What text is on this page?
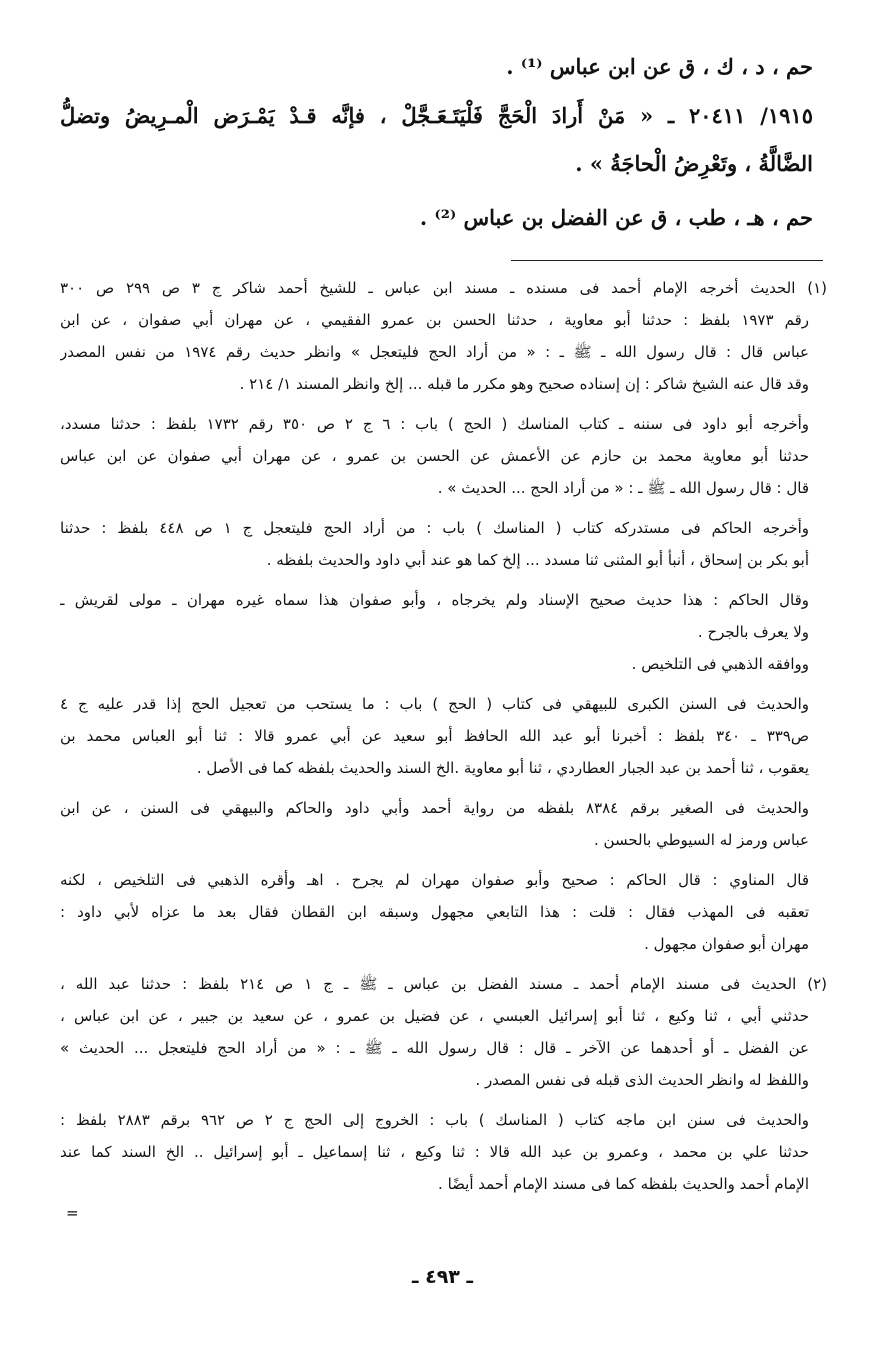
حم ، د ، ك ، ق عن ابن عباس ⁽¹⁾ .
١٩١٥/ ٢٠٤١١ ـ « مَنْ أَرادَ الْحَجَّ فَلْيَتَـعَـجَّلْ ، فإنَّه قـدْ يَمْـرَض الْمـرِيضُ وتضلُّ
الضَّالَّةُ ، وتَعْرِضُ الْحاجَةُ » .
حم ، هـ ، طب ، ق عن الفضل بن عباس ⁽²⁾ .
(١) الحديث أخرجه الإمام أحمد فى مسنده ـ مسند ابن عباس ـ للشيخ أحمد شاكر ج ٣ ص ٢٩٩ ص ٣٠٠
رقم ١٩٧٣ بلفظ : حدثنا أبو معاوية ، حدثنا الحسن بن عمرو الفقيمي ، عن مهران أبي صفوان ، عن ابن
عباس قال : قال رسول الله ـ ﷺ ـ : « من أراد الحج فليتعجل » وانظر حديث رقم ١٩٧٤ من نفس المصدر
وقد قال عنه الشيخ شاكر : إن إسناده صحيح وهو مكرر ما قبله ... إلخ وانظر المسند ١/ ٢١٤ .
وأخرجه أبو داود فى سننه ـ كتاب المناسك ( الحج ) باب : ٦ ج ٢ ص ٣٥٠ رقم ١٧٣٢ بلفظ : حدثنا مسدد،
حدثنا أبو معاوية محمد بن حازم عن الأعمش عن الحسن بن عمرو ، عن مهران أبي صفوان عن ابن عباس
قال : قال رسول الله ـ ﷺ ـ : « من أراد الحج ... الحديث » .
وأخرجه الحاكم فى مستدركه كتاب ( المناسك ) باب : من أراد الحج فليتعجل ج ١ ص ٤٤٨ بلفظ : حدثنا
أبو بكر بن إسحاق ، أنبأ أبو المثنى ثنا مسدد ... إلخ كما هو عند أبي داود والحديث بلفظه .
وقال الحاكم : هذا حديث صحيح الإسناد ولم يخرجاه ، وأبو صفوان هذا سماه غيره مهران ـ مولى لقريش ـ
ولا يعرف بالجرح .
ووافقه الذهبي فى التلخيص .
والحديث فى السنن الكبرى للبيهقي فى كتاب ( الحج ) باب : ما يستحب من تعجيل الحج إذا قدر عليه ج ٤
ص٣٣٩ ـ ٣٤٠ بلفظ : أخبرنا أبو عبد الله الحافظ أبو سعيد عن أبي عمرو قالا : ثنا أبو العباس محمد بن
يعقوب ، ثنا أحمد بن عبد الجبار العطاردي ، ثنا أبو معاوية .الخ السند والحديث بلفظه كما فى الأصل .
والحديث فى الصغير برقم ٨٣٨٤ بلفظه من رواية أحمد وأبي داود والحاكم والبيهقي فى السنن ، عن ابن
عباس ورمز له السيوطي بالحسن .
قال المناوي : قال الحاكم : صحيح وأبو صفوان مهران لم يجرح . اهـ وأقره الذهبي فى التلخيص ، لكنه
تعقبه فى المهذب فقال : قلت : هذا التابعي مجهول وسبقه ابن القطان فقال بعد ما عزاه لأبي داود :
مهران أبو صفوان مجهول .
(٢) الحديث فى مسند الإمام أحمد ـ مسند الفضل بن عباس ـ ﷺ ـ ج ١ ص ٢١٤ بلفظ : حدثنا عبد الله ،
حدثني أبي ، ثنا وكيع ، ثنا أبو إسرائيل العبسي ، عن فضيل بن عمرو ، عن سعيد بن جبير ، عن ابن عباس ،
عن الفضل ـ أو أحدهما عن الآخر ـ قال : قال رسول الله ـ ﷺ ـ : « من أراد الحج فليتعجل ... الحديث »
واللفظ له وانظر الحديث الذى قبله فى نفس المصدر .
والحديث فى سنن ابن ماجه كتاب ( المناسك ) باب : الخروج إلى الحج ج ٢ ص ٩٦٢ برقم ٢٨٨٣ بلفظ :
حدثنا علي بن محمد ، وعمرو بن عبد الله قالا : ثنا وكيع ، ثنا إسماعيل ـ أبو إسرائيل .. الخ السند كما عند
الإمام أحمد والحديث بلفظه كما فى مسند الإمام أحمد أيضًا .
=
ـ ٤٩٣ ـ
